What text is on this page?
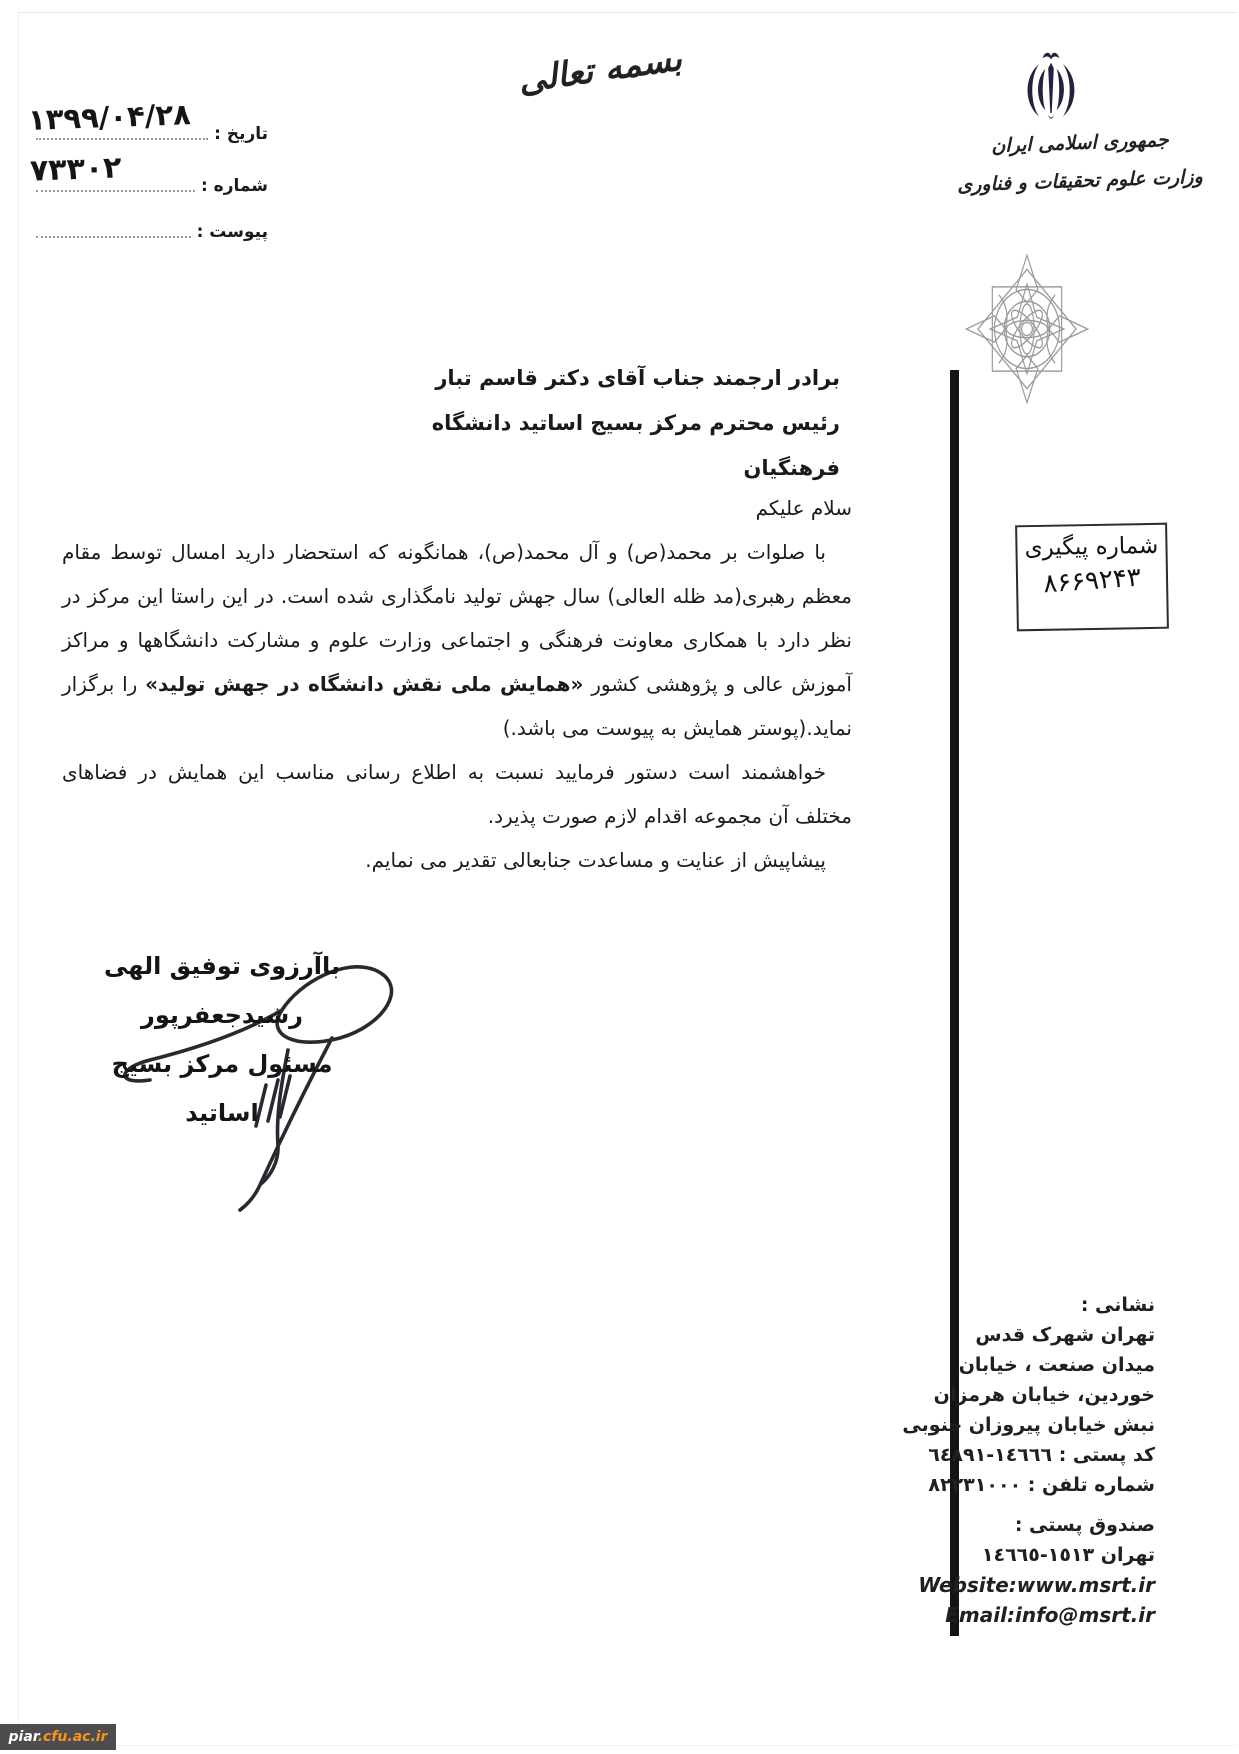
بسمه تعالی
جمهوری اسلامی ایران
وزارت علوم تحقیقات و فناوری
تاریخ :
۱۳۹۹/۰۴/۲۸
شماره :
۷۳۳۰۲
پیوست :
شماره پیگیری
۸۶۶۹۲۴۳
برادر ارجمند جناب آقای دکتر قاسم تبار
رئیس محترم مرکز بسیج اساتید دانشگاه فرهنگیان
سلام علیکم
با صلوات بر محمد(ص) و آل محمد(ص)، همانگونه که استحضار دارید امسال توسط مقام معظم رهبری(مد ظله العالی) سال جهش تولید نامگذاری شده است. در این راستا این مرکز در نظر دارد با همکاری معاونت فرهنگی و اجتماعی وزارت علوم و مشارکت دانشگاهها و مراکز آموزش عالی و پژوهشی کشور «همایش ملی نقش دانشگاه در جهش تولید» را برگزار نماید.(پوستر همایش به پیوست می باشد.)
خواهشمند است دستور فرمایید نسبت به اطلاع رسانی مناسب این همایش در فضاهای مختلف آن مجموعه اقدام لازم صورت پذیرد.
پیشاپیش از عنایت و مساعدت جنابعالی تقدیر می نمایم.
باآرزوی توفیق الهی
رشیدجعفرپور
مسئول مرکز بسیج اساتید
نشانی :
تهران شهرک قدس
میدان صنعت ، خیابان
خوردین، خیابان هرمزان
نبش خیابان پیروزان جنوبی
کد پستی : ١٤٦٦٦-٦٤٨٩١
شماره تلفن : ٨٢٢٣١٠٠٠
صندوق پستی :
تهران ١٥١٣-١٤٦٦٥
Website:www.msrt.ir
Email:info@msrt.ir
piar.cfu.ac.ir
